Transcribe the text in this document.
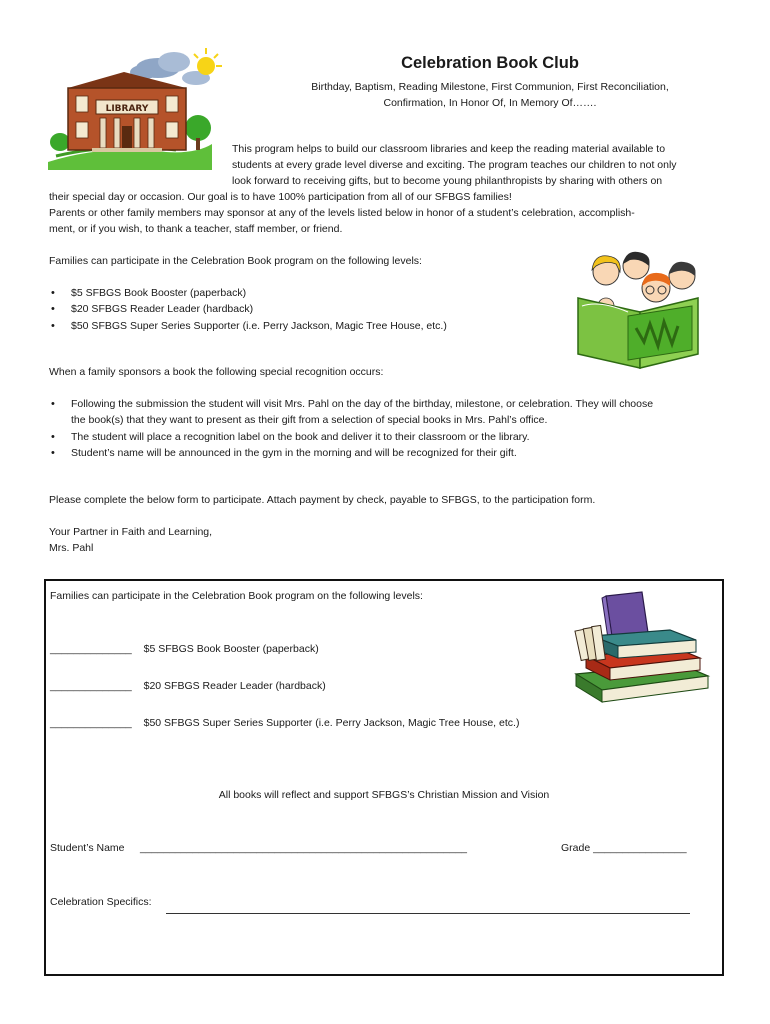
LIBRARY
Celebration Book Club
Birthday, Baptism, Reading Milestone, First Communion, First Reconciliation,
Confirmation, In Honor Of, In Memory Of…….
This program helps to build our classroom libraries and keep the reading material available to
students at every grade level diverse and exciting. The program teaches our children to not only
look forward to receiving gifts, but to become young philanthropists by sharing with others on
their special day or occasion. Our goal is to have 100% participation from all of our SFBGS families!
Parents or other family members may sponsor at any of the levels listed below in honor of a student’s celebration, accomplish-
ment, or if you wish, to thank a teacher, staff member, or friend.
Families can participate in the Celebration Book program on the following levels:
• $5 SFBGS Book Booster (paperback)
• $20 SFBGS Reader Leader (hardback)
• $50 SFBGS Super Series Supporter (i.e. Perry Jackson, Magic Tree House, etc.)
When a family sponsors a book the following special recognition occurs:
• Following the submission the student will visit Mrs. Pahl on the day of the birthday, milestone, or celebration. They will choose
the book(s) that they want to present as their gift from a selection of special books in Mrs. Pahl’s office.
• The student will place a recognition label on the book and deliver it to their classroom or the library.
• Student’s name will be announced in the gym in the morning and will be recognized for their gift.
Please complete the below form to participate. Attach payment by check, payable to SFBGS, to the participation form.
Your Partner in Faith and Learning,
Mrs. Pahl
Families can participate in the Celebration Book program on the following levels:
______________ $5 SFBGS Book Booster (paperback)
______________ $20 SFBGS Reader Leader (hardback)
______________ $50 SFBGS Super Series Supporter (i.e. Perry Jackson, Magic Tree House, etc.)
All books will reflect and support SFBGS’s Christian Mission and Vision
Student’s Name ________________________________________________________	Grade ________________
Celebration Specifics:
